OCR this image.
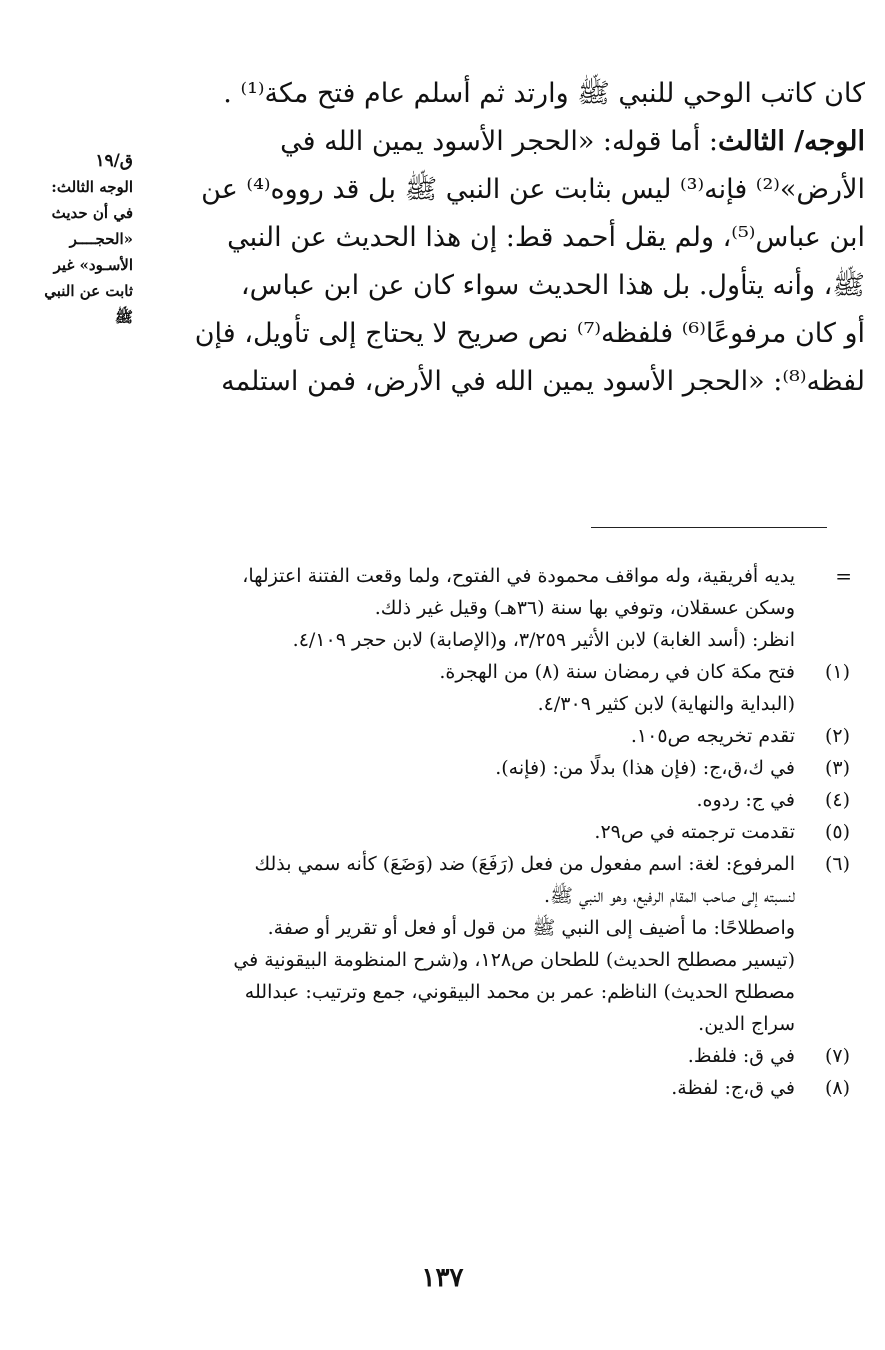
كان كاتب الوحي للنبي ﷺ وارتد ثم أسلم عام فتح مكة⁽¹⁾ .
الوجه/ الثالث: أما قوله: «الحجر الأسود يمين الله في
الأرض»⁽²⁾ فإنه⁽³⁾ ليس بثابت عن النبي ﷺ بل قد رووه⁽⁴⁾ عن
ابن عباس⁽⁵⁾، ولم يقل أحمد قط: إن هذا الحديث عن النبي
ﷺ، وأنه يتأول. بل هذا الحديث سواء كان عن ابن عباس،
أو كان مرفوعًا⁽⁶⁾ فلفظه⁽⁷⁾ نص صريح لا يحتاج إلى تأويل، فإن
لفظه⁽⁸⁾: «الحجر الأسود يمين الله في الأرض، فمن استلمه
ق/١٩
الوجه الثالث:
في أن حديث
«الحجــــر
الأسـود» غير
ثابت عن النبي
ﷺ
=
يديه أفريقية، وله مواقف محمودة في الفتوح، ولما وقعت الفتنة اعتزلها،
وسكن عسقلان، وتوفي بها سنة (٣٦هـ) وقيل غير ذلك.
انظر: (أسد الغابة) لابن الأثير ٣/٢٥٩، و(الإصابة) لابن حجر ٤/١٠٩.
(١)
فتح مكة كان في رمضان سنة (٨) من الهجرة.
(البداية والنهاية) لابن كثير ٤/٣٠٩.
(٢)
تقدم تخريجه ص١٠٥.
(٣)
في ك،ق،ج: (فإن هذا) بدلًا من: (فإنه).
(٤)
في ج: ردوه.
(٥)
تقدمت ترجمته في ص٢٩.
(٦)
المرفوع: لغة: اسم مفعول من فعل (رَفَعَ) ضد (وَضَعَ) كأنه سمي بذلك
لنسبته إلى صاحب المقام الرفيع، وهو النبي ﷺ.
واصطلاحًا: ما أضيف إلى النبي ﷺ من قول أو فعل أو تقرير أو صفة.
(تيسير مصطلح الحديث) للطحان ص١٢٨، و(شرح المنظومة البيقونية في
مصطلح الحديث) الناظم: عمر بن محمد البيقوني، جمع وترتيب: عبدالله
سراج الدين.
(٧)
في ق: فلفظ.
(٨)
في ق،ج: لفظة.
١٣٧
